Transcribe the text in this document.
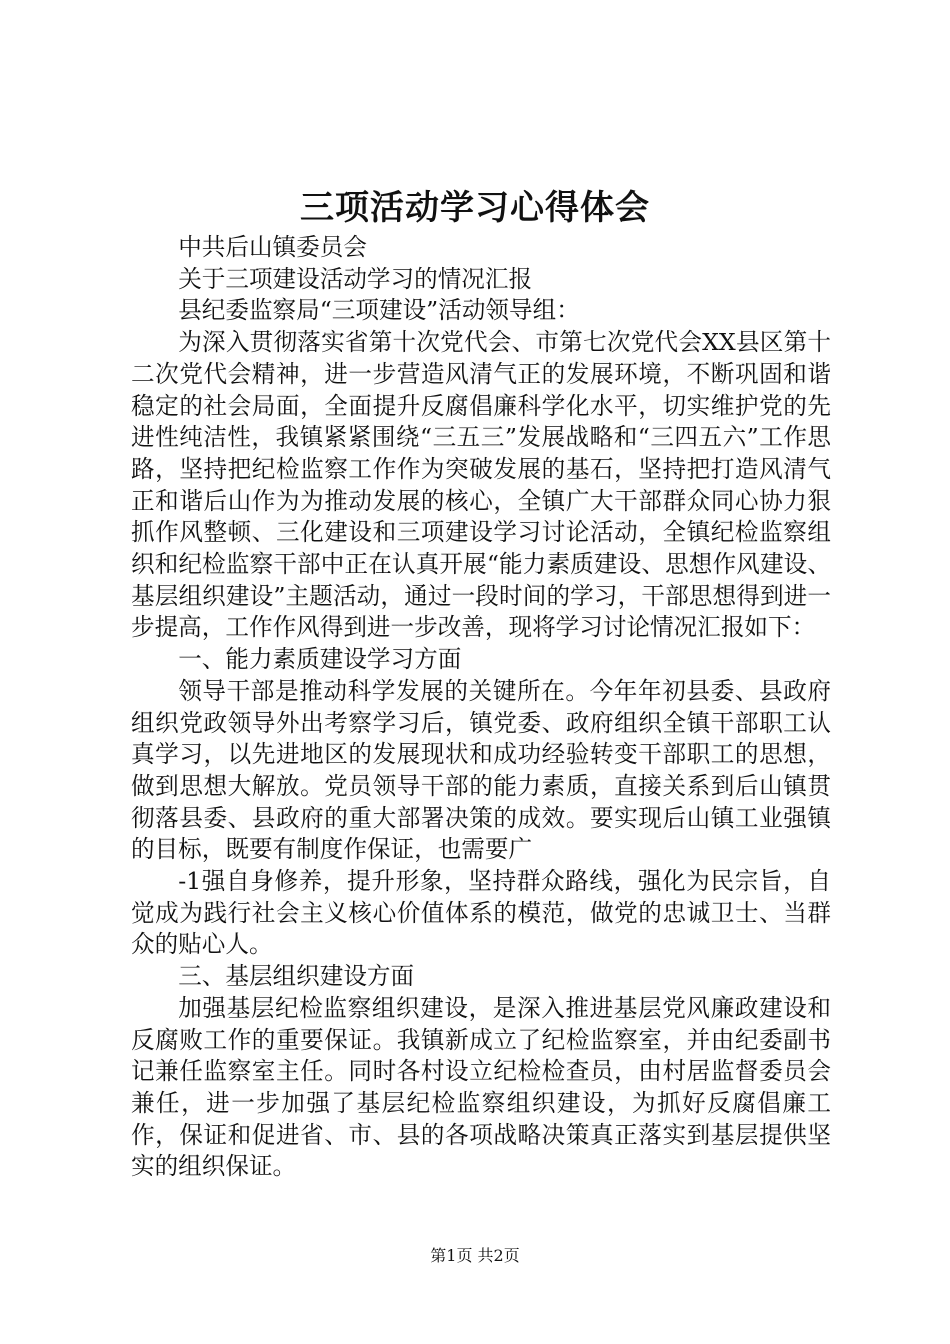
三项活动学习心得体会

中共后山镇委员会

关于三项建设活动学习的情况汇报

县纪委监察局“三项建设”活动领导组：

为深入贯彻落实省第十次党代会、市第七次党代会XX县区第十二次党代会精神，进一步营造风清气正的发展环境，不断巩固和谐稳定的社会局面，全面提升反腐倡廉科学化水平，切实维护党的先进性纯洁性，我镇紧紧围绕“三五三”发展战略和“三四五六”工作思路，坚持把纪检监察工作作为突破发展的基石，坚持把打造风清气正和谐后山作为为推动发展的核心，全镇广大干部群众同心协力狠抓作风整顿、三化建设和三项建设学习讨论活动，全镇纪检监察组织和纪检监察干部中正在认真开展“能力素质建设、思想作风建设、基层组织建设”主题活动，通过一段时间的学习，干部思想得到进一步提高，工作作风得到进一步改善，现将学习讨论情况汇报如下：

一、能力素质建设学习方面

领导干部是推动科学发展的关键所在。今年年初县委、县政府组织党政领导外出考察学习后，镇党委、政府组织全镇干部职工认真学习，以先进地区的发展现状和成功经验转变干部职工的思想，做到思想大解放。党员领导干部的能力素质，直接关系到后山镇贯彻落县委、县政府的重大部署决策的成效。要实现后山镇工业强镇的目标，既要有制度作保证，也需要广

-1强自身修养，提升形象，坚持群众路线，强化为民宗旨，自觉成为践行社会主义核心价值体系的模范，做党的忠诚卫士、当群众的贴心人。

三、基层组织建设方面

加强基层纪检监察组织建设，是深入推进基层党风廉政建设和反腐败工作的重要保证。我镇新成立了纪检监察室，并由纪委副书记兼任监察室主任。同时各村设立纪检检查员，由村居监督委员会兼任，进一步加强了基层纪检监察组织建设，为抓好反腐倡廉工作，保证和促进省、市、县的各项战略决策真正落实到基层提供坚实的组织保证。

第1页 共2页
